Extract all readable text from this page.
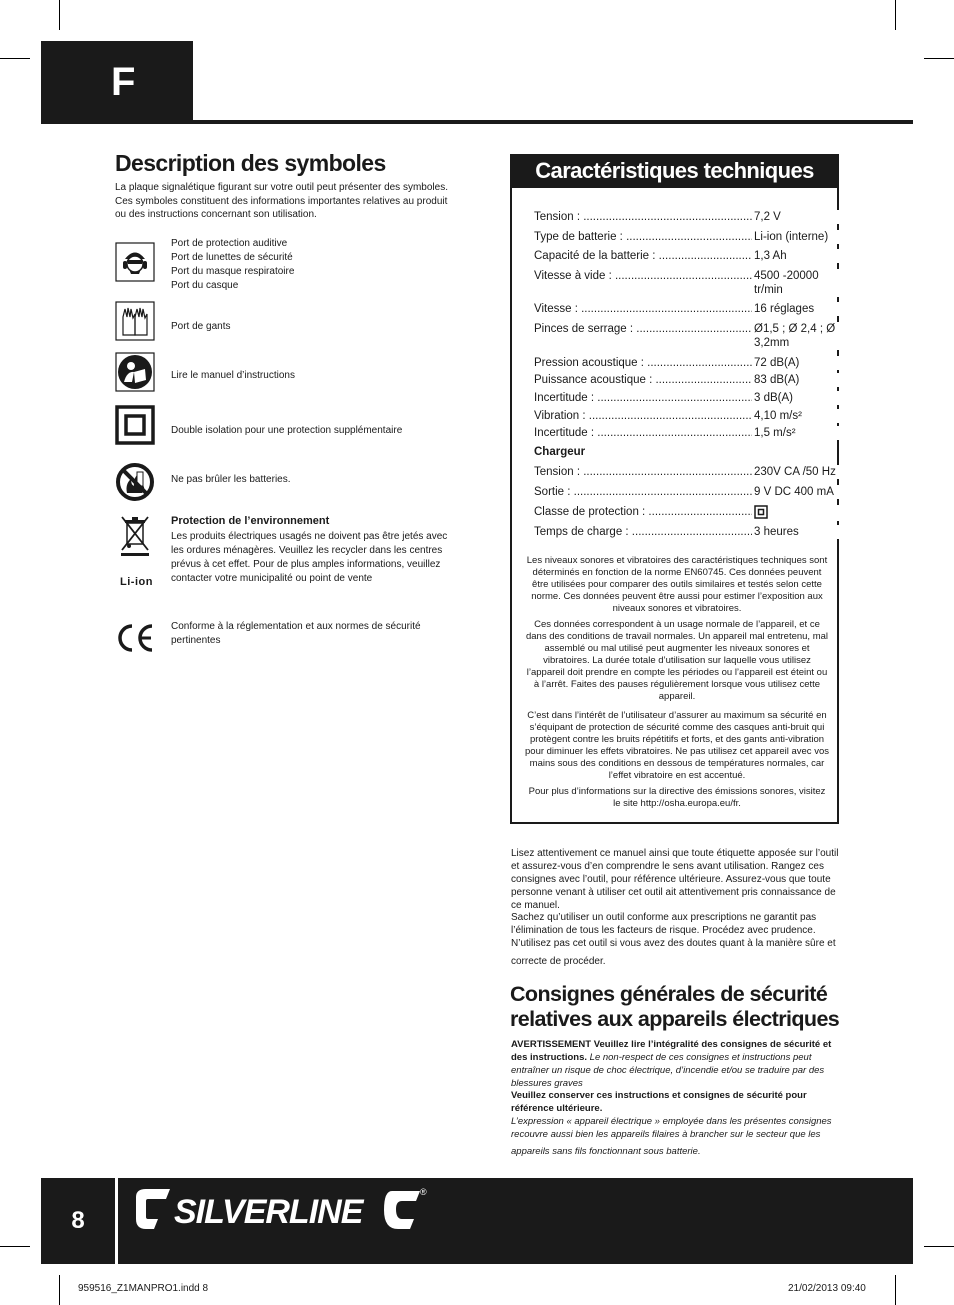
F
Description des symboles
La plaque signalétique figurant sur votre outil peut présenter des symboles. Ces symboles constituent des informations importantes relatives au produit ou des instructions concernant son utilisation.
Port de protection auditive
Port de lunettes de sécurité
Port du masque respiratoire
Port du casque
Port de gants
Lire le manuel d’instructions
Double isolation pour une protection supplémentaire
Ne pas brûler les batteries.
Li-ion
Protection de l’environnement
Les produits électriques usagés ne doivent pas être jetés avec les ordures ménagères. Veuillez les recycler dans les centres prévus à cet effet. Pour de plus amples informations, veuillez contacter votre municipalité ou point de vente
Conforme à la réglementation et aux normes de sécurité pertinentes
Caractéristiques techniques
Tension : .....	7,2 V
Type de batterie : .....	Li-ion (interne)
Capacité de la batterie : .....	1,3 Ah
Vitesse à vide : .....	4500 -20000 tr/min
Vitesse : .....	16 réglages
Pinces de serrage : .....	Ø1,5 ; Ø 2,4 ; Ø 3,2mm
Pression acoustique : .....	72 dB(A)
Puissance acoustique : .....	83 dB(A)
Incertitude : .....	3 dB(A)
Vibration : .....	4,10 m/s²
Incertitude : .....	1,5 m/s²
Chargeur
Tension : .....	230V CA /50 Hz
Sortie : .....	9 V DC 400 mA
Classe de protection : .....
Temps de charge : .....	3 heures
Les niveaux sonores et vibratoires des caractéristiques techniques sont déterminés en fonction de la norme EN60745. Ces données peuvent être utilisées pour comparer des outils similaires et testés selon cette norme. Ces données peuvent être aussi pour estimer l’exposition aux niveaux sonores et vibratoires.
Ces données correspondent à un usage normale de l’appareil, et ce dans des conditions de travail normales. Un appareil mal entretenu, mal assemblé ou mal utilisé peut augmenter les niveaux sonores et vibratoires. La durée totale d’utilisation sur laquelle vous utilisez l’appareil doit prendre en compte les périodes ou l’appareil est éteint ou à l’arrêt. Faites des pauses régulièrement lorsque vous utilisez cette appareil.
C’est dans l’intérêt de l’utilisateur d’assurer au maximum sa sécurité en s’équipant de protection de sécurité comme des casques anti-bruit qui protègent contre les bruits répétitifs et forts, et des gants anti-vibration pour diminuer les effets vibratoires. Ne pas utilisez cet appareil avec vos mains sous des conditions en dessous de températures normales, car l’effet vibratoire en est accentué.
Pour plus d’informations sur la directive des émissions sonores, visitez le site http://osha.europa.eu/fr.
Lisez attentivement ce manuel ainsi que toute étiquette apposée sur l’outil et assurez-vous d’en comprendre le sens avant utilisation. Rangez ces consignes avec l’outil, pour référence ultérieure. Assurez-vous que toute personne venant à utiliser cet outil ait attentivement pris connaissance de ce manuel.
Sachez qu’utiliser un outil conforme aux prescriptions ne garantit pas l’élimination de tous les facteurs de risque. Procédez avec prudence. N’utilisez pas cet outil si vous avez des doutes quant à la manière sûre et
correcte de procéder.
Consignes générales de sécurité
relatives aux appareils électriques
AVERTISSEMENT Veuillez lire l’intégralité des consignes de sécurité et des instructions. Le non-respect de ces consignes et instructions peut entraîner un risque de choc électrique, d’incendie et/ou se traduire par des blessures graves
Veuillez conserver ces instructions et consignes de sécurité pour référence ultérieure.
L’expression « appareil électrique » employée dans les présentes consignes recouvre aussi bien les appareils filaires à brancher sur le secteur que les
appareils sans fils fonctionnant sous batterie.
8	SILVERLINE
®
959516_Z1MANPRO1.indd 8	21/02/2013 09:40
